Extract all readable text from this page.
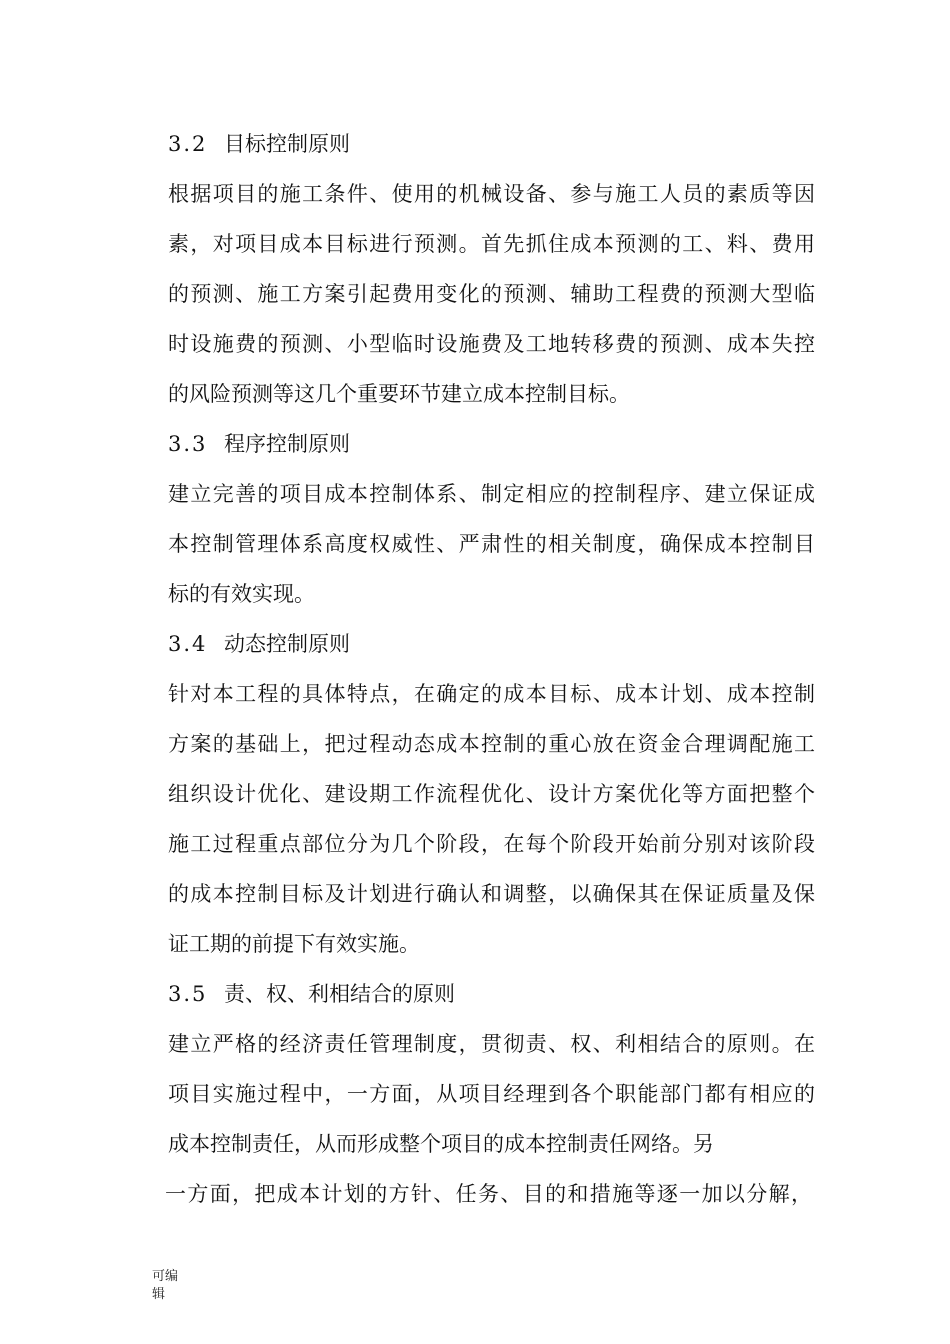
3.2 目标控制原则
根据项目的施工条件、使用的机械设备、参与施工人员的素质等因
素，对项目成本目标进行预测。首先抓住成本预测的工、料、费用
的预测、施工方案引起费用变化的预测、辅助工程费的预测大型临
时设施费的预测、小型临时设施费及工地转移费的预测、成本失控
的风险预测等这几个重要环节建立成本控制目标。
3.3 程序控制原则
建立完善的项目成本控制体系、制定相应的控制程序、建立保证成
本控制管理体系高度权威性、严肃性的相关制度，确保成本控制目
标的有效实现。
3.4 动态控制原则
针对本工程的具体特点，在确定的成本目标、成本计划、成本控制
方案的基础上，把过程动态成本控制的重心放在资金合理调配施工
组织设计优化、建设期工作流程优化、设计方案优化等方面把整个
施工过程重点部位分为几个阶段，在每个阶段开始前分别对该阶段
的成本控制目标及计划进行确认和调整，以确保其在保证质量及保
证工期的前提下有效实施。
3.5 责、权、利相结合的原则
建立严格的经济责任管理制度，贯彻责、权、利相结合的原则。在
项目实施过程中，一方面，从项目经理到各个职能部门都有相应的
成本控制责任，从而形成整个项目的成本控制责任网络。另
一方面，把成本计划的方针、任务、目的和措施等逐一加以分解，
可编
辑
